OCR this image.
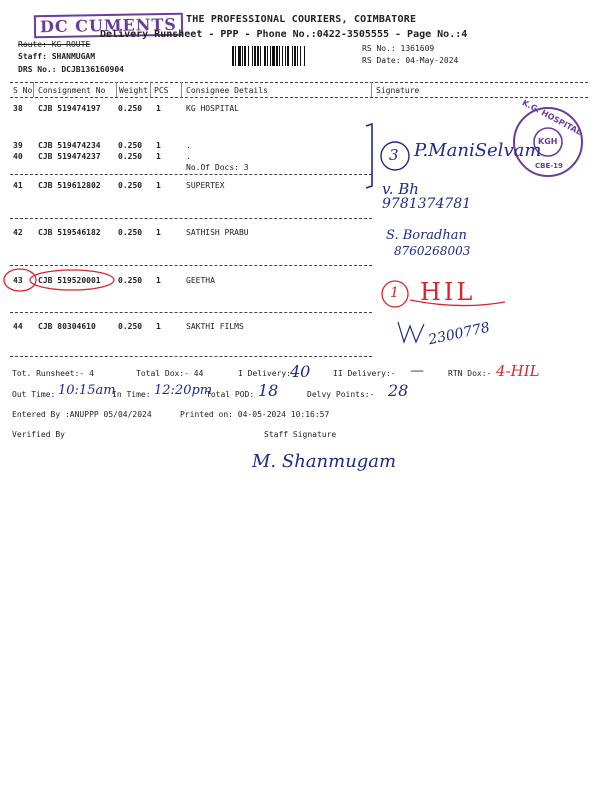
DC CUMENTS THE PROFESSIONAL COURIERS, COIMBATORE
Delivery Runsheet - PPP - Phone No.:0422-3505555 - Page No.:4
Route: KG ROUTE
Staff: SHANMUGAM
DRS No.: DCJB136160904
RS No.: 1361609
RS Date: 04-May-2024
S No Consignment No Weight PCS Consignee Details	Signature
38 CJB 519474197 0.250 1	KG HOSPITAL
39 CJB 519474234 0.250 1	.
40 CJB 519474237 0.250 1	.
No.Of Docs: 3
41 CJB 519612802 0.250 1	SUPERTEX
42 CJB 519546182 0.250 1	SATHISH PRABU
43 CJB 519520001 0.250 1	GEETHA
44 CJB 80304610	0.250 1	SAKTHI FILMS
K.G. HOSPITAL
KGH
CBE-19
3 P.ManiSelvam
v. Bh
9781374781
S. Boradhan
8760268003
1 HIL
2300778
Tot. Runsheet:- 4	Total Dox:- 44	I Delivery:-
40	II Delivery:- —	RTN Dox:- 4-HIL
Out Time: 10:15am
In Time: 12:20pm
Total POD: 18	Delvy Points:- 28
Entered By :ANUPPP 05/04/2024	Printed on: 04-05-2024 10:16:57
Verified By	Staff Signature
M. Shanmugam
